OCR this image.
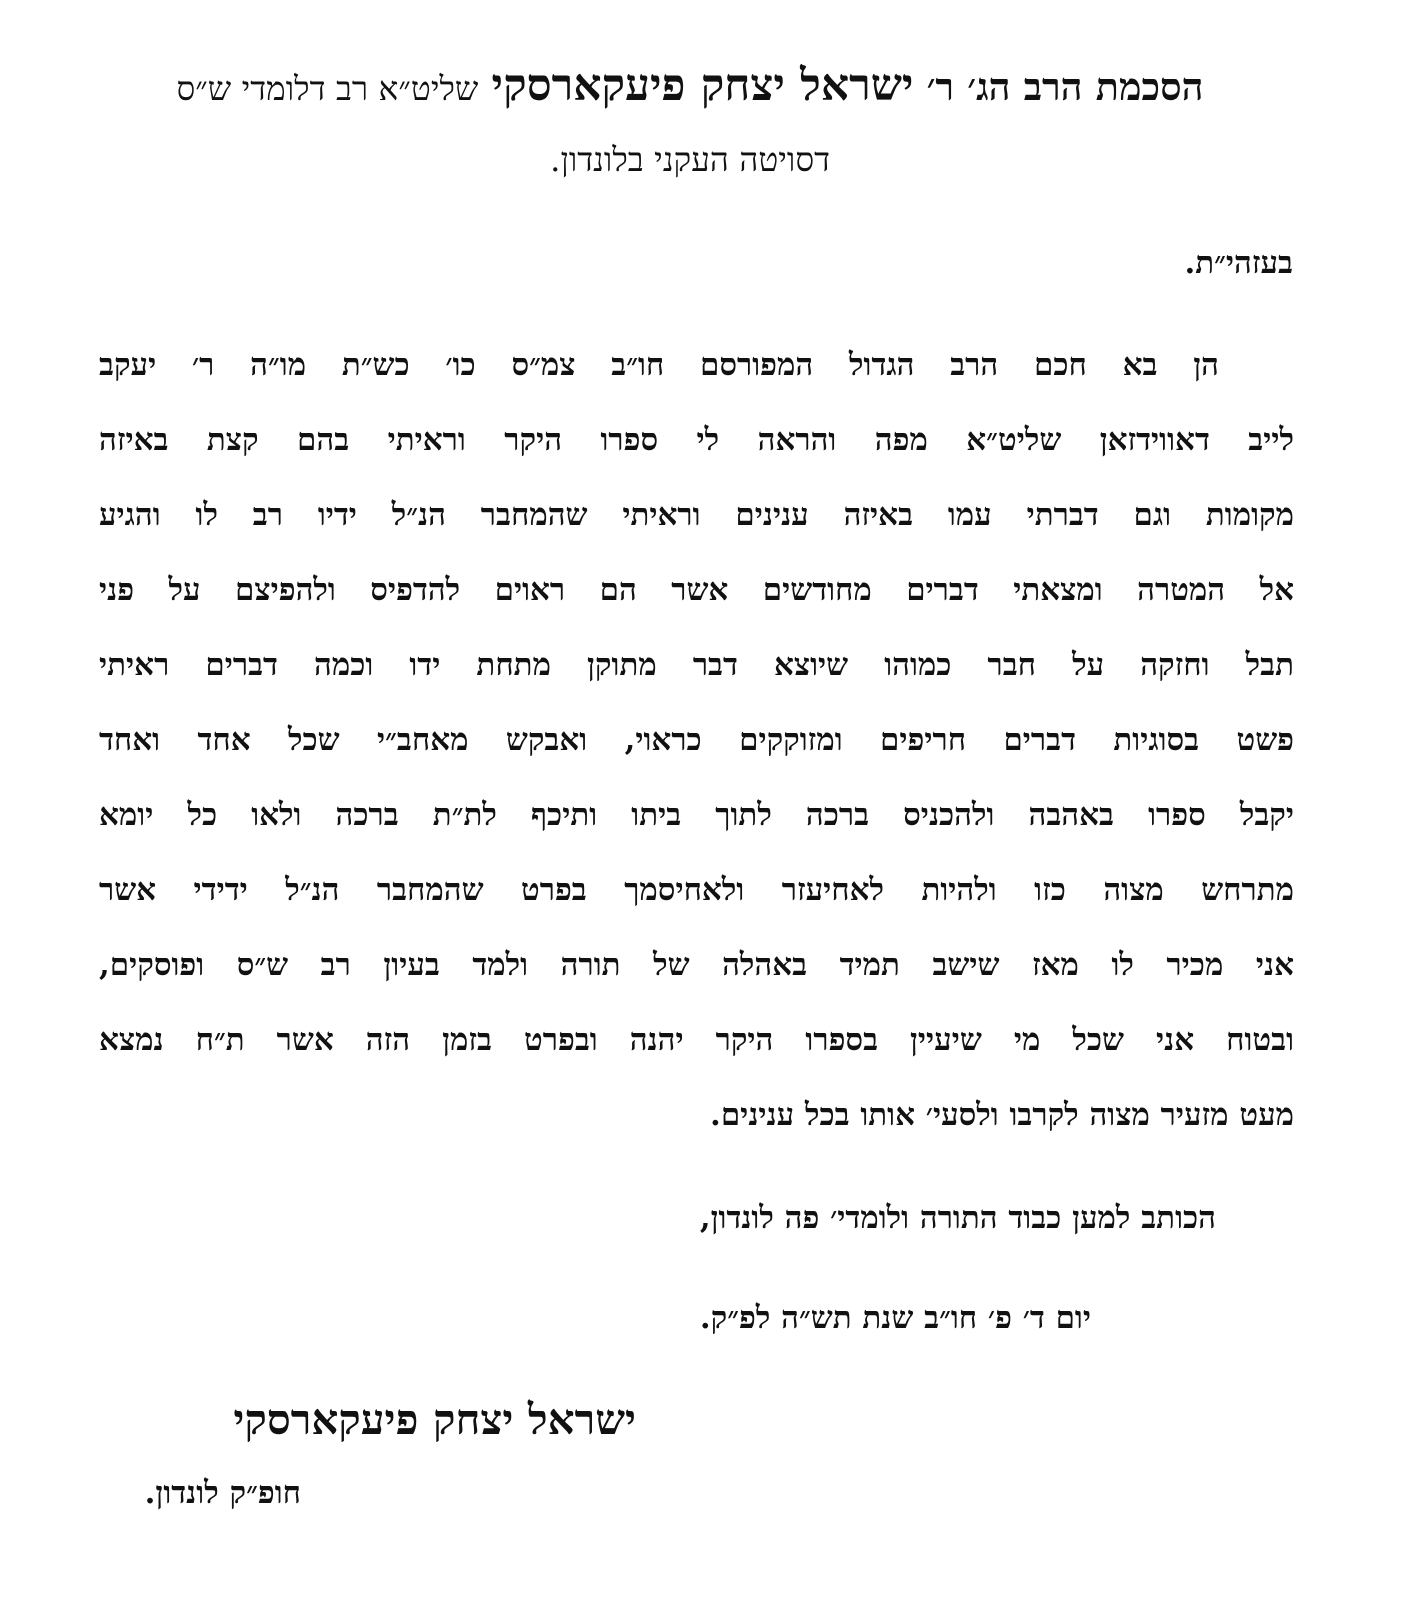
הסכמת הרב הג׳ ר׳ ישראל יצחק פיעקארסקי שליט״א רב דלומדי ש״ס
דסויטה העקני בלונדון.
בעזהי״ת.
הן בא חכם הרב הגדול המפורסם חו״ב צמ״ס כו׳ כש״ת מו״ה ר׳ יעקב
לייב דאווידזאן שליט״א מפה והראה לי ספרו היקר וראיתי בהם קצת באיזה
מקומות וגם דברתי עמו באיזה ענינים וראיתי שהמחבר הנ״ל ידיו רב לו והגיע
אל המטרה ומצאתי דברים מחודשים אשר הם ראוים להדפיס ולהפיצם על פני
תבל וחזקה על חבר כמוהו שיוצא דבר מתוקן מתחת ידו וכמה דברים ראיתי
פשט בסוגיות דברים חריפים ומזוקקים כראוי, ואבקש מאחב״י שכל אחד ואחד
יקבל ספרו באהבה ולהכניס ברכה לתוך ביתו ותיכף לת״ת ברכה ולאו כל יומא
מתרחש מצוה כזו ולהיות לאחיעזר ולאחיסמך בפרט שהמחבר הנ״ל ידידי אשר
אני מכיר לו מאז שישב תמיד באהלה של תורה ולמד בעיון רב ש״ס ופוסקים,
ובטוח אני שכל מי שיעיין בספרו היקר יהנה ובפרט בזמן הזה אשר ת״ח נמצא
מעט מזעיר מצוה לקרבו ולסעי׳ אותו בכל ענינים.
הכותב למען כבוד התורה ולומדי׳ פה לונדון,
יום ד׳ פ׳ חו״ב שנת תש״ה לפ״ק.
ישראל יצחק פיעקארסקי
חופ״ק לונדון.
